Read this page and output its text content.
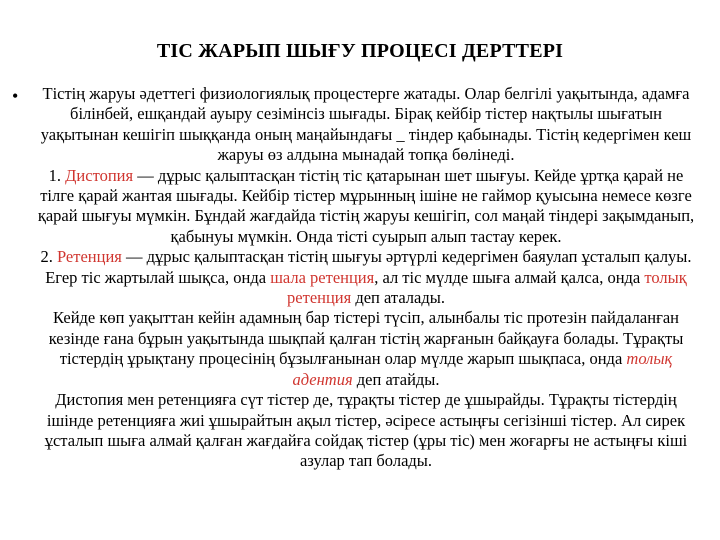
ТІС ЖАРЫП ШЫҒУ ПРОЦЕСІ ДЕРТТЕРІ
•	Тістің жаруы әдеттегі физиологиялық процестерге жатады. Олар белгілі уақытында, адамға білінбей, ешқандай ауыру сезімінсіз шығады. Бірақ кейбір тістер нақтылы шығатын уақытынан кешігіп шыққанда оның маңайындағы _ тіндер қабынады. Тістің кедергімен кеш жаруы өз алдына мынадай топқа бөлінеді.

1. Дистопия — дұрыс қалыптасқан тістің тіс қатарынан шет шығуы. Кейде ұртқа қарай не тілге қарай жантая шығады. Кейбір тістер мұрынның ішіне не гаймор қуысына немесе көзге қарай шығуы мүмкін. Бұндай жағдайда тістің жаруы кешігіп, сол маңай тіндері зақымданып, қабынуы мүмкін. Онда тісті суырып алып тастау керек.

2. Ретенция — дұрыс қалыптасқан тістің шығуы әртүрлі кедергімен баяулап ұсталып қалуы. Егер тіс жартылай шықса, онда шала ретенция, ал тіс мүлде шыға алмай қалса, онда толық ретенция деп аталады.

Кейде көп уақыттан кейін адамның бар тістері түсіп, алынбалы тіс протезін пайдаланған кезінде ғана бұрын уақытында шықпай қалған тістің жарғанын байқауға болады. Тұрақты тістердің ұрықтану процесінің бұзылғанынан олар мүлде жарып шықпаса, онда толық адентия деп атайды.

Дистопия мен ретенцияға сүт тістер де, тұрақты тістер де ұшырайды. Тұрақты тістердің ішінде ретенцияға жиі ұшырайтын ақыл тістер, әсіресе астыңғы сегізінші тістер. Ал сирек ұсталып шыға алмай қалған жағдайға сойдақ тістер (ұры тіс) мен жоғарғы не астыңғы кіші азулар тап болады.
